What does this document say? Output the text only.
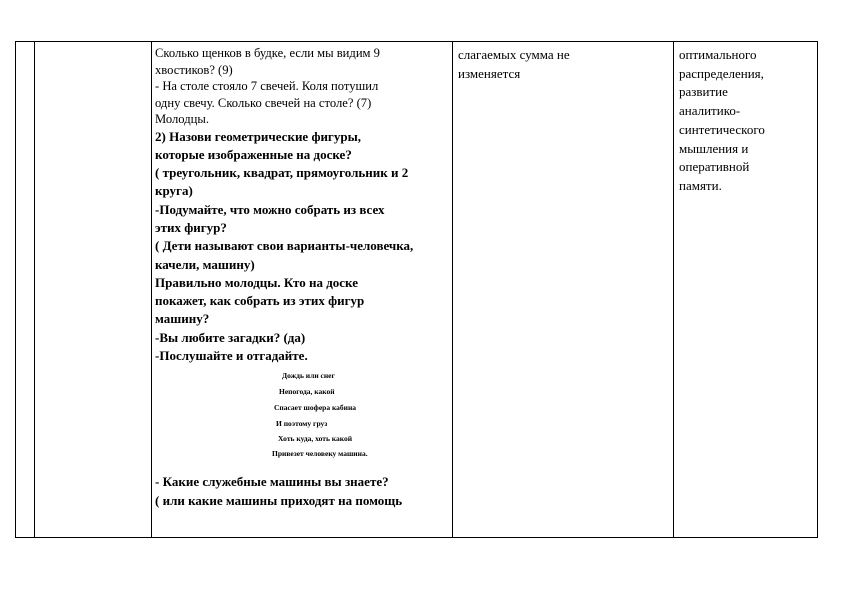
Сколько щенков в будке, если мы видим 9
хвостиков? (9)
- На столе стояло 7 свечей. Коля потушил
одну свечу. Сколько свечей на столе? (7)
Молодцы.
2) Назови геометрические фигуры,
которые изображенные на доске?
( треугольник, квадрат, прямоугольник и 2
круга)
-Подумайте, что можно собрать из всех
этих фигур?
( Дети называют свои варианты-человечка,
качели, машину)
Правильно молодцы. Кто на доске
покажет, как собрать из этих фигур
машину?
-Вы любите загадки? (да)
-Послушайте и отгадайте.
Дождь или снег
Непогода, какой
Спасает шофера кабина
И поэтому груз
Хоть куда, хоть какой
Привезет человеку машина.
- Какие служебные машины вы знаете?
( или какие машины приходят на помощь
слагаемых сумма не
изменяется
оптимального
распределения,
развитие
аналитико-
синтетического
мышления и
оперативной
памяти.
